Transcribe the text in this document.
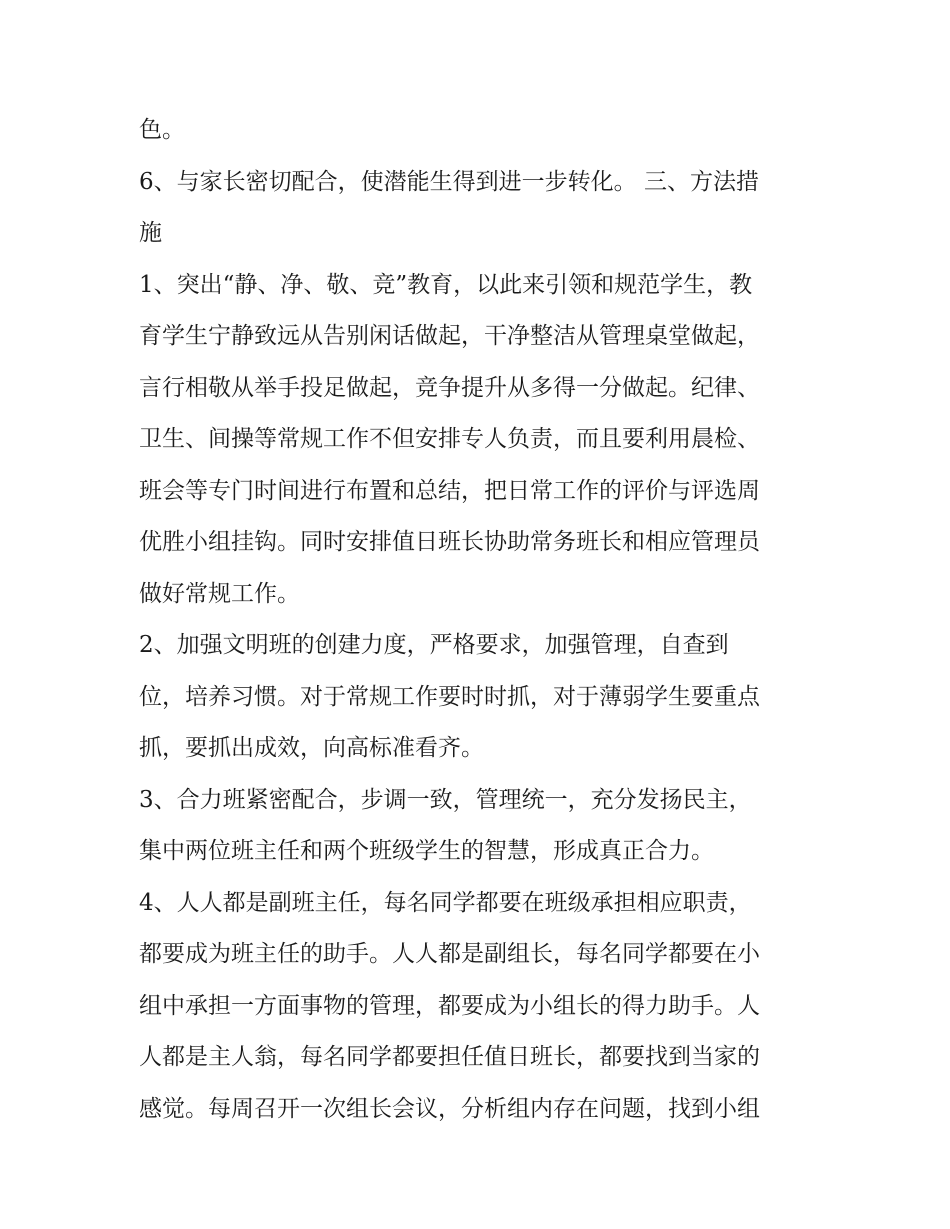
色。
6、与家长密切配合，使潜能生得到进一步转化。 三、方法措
施
1、突出“静、净、敬、竞”教育，以此来引领和规范学生，教
育学生宁静致远从告别闲话做起，干净整洁从管理桌堂做起，
言行相敬从举手投足做起，竞争提升从多得一分做起。纪律、
卫生、间操等常规工作不但安排专人负责，而且要利用晨检、
班会等专门时间进行布置和总结，把日常工作的评价与评选周
优胜小组挂钩。同时安排值日班长协助常务班长和相应管理员
做好常规工作。
2、加强文明班的创建力度，严格要求，加强管理，自查到
位，培养习惯。对于常规工作要时时抓，对于薄弱学生要重点
抓，要抓出成效，向高标准看齐。
3、合力班紧密配合，步调一致，管理统一，充分发扬民主，
集中两位班主任和两个班级学生的智慧，形成真正合力。
4、人人都是副班主任，每名同学都要在班级承担相应职责，
都要成为班主任的助手。人人都是副组长，每名同学都要在小
组中承担一方面事物的管理，都要成为小组长的得力助手。人
人都是主人翁，每名同学都要担任值日班长，都要找到当家的
感觉。每周召开一次组长会议，分析组内存在问题，找到小组
